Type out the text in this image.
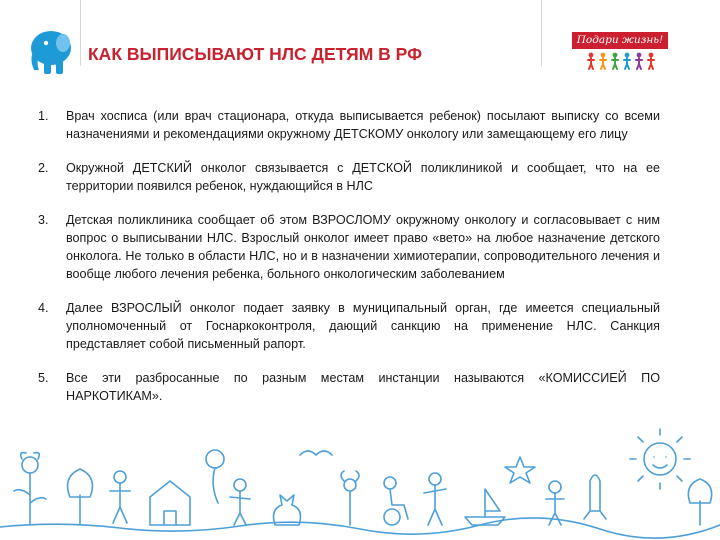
КАК ВЫПИСЫВАЮТ НЛС ДЕТЯМ В РФ
Подари жизнь!
1. Врач хосписа (или врач стационара, откуда выписывается ребенок) посылают выписку со всеми назначениями и рекомендациями окружному ДЕТСКОМУ онкологу или замещающему его лицу
2. Окружной ДЕТСКИЙ онколог связывается с ДЕТСКОЙ поликлиникой и сообщает, что на ее территории появился ребенок, нуждающийся в НЛС
3. Детская поликлиника сообщает об этом ВЗРОСЛОМУ окружному онкологу и согласовывает с ним вопрос о выписывании НЛС. Взрослый онколог имеет право «вето» на любое назначение детского онколога. Не только в области НЛС, но и в назначении химиотерапии, сопроводительного лечения и вообще любого лечения ребенка, больного онкологическим заболеванием
4. Далее ВЗРОСЛЫЙ онколог подает заявку в муниципальный орган, где имеется специальный уполномоченный от Госнаркоконтроля, дающий санкцию на применение НЛС. Санкция представляет собой письменный рапорт.
5. Все эти разбросанные по разным местам инстанции называются «КОМИССИЕЙ ПО НАРКОТИКАМ».
